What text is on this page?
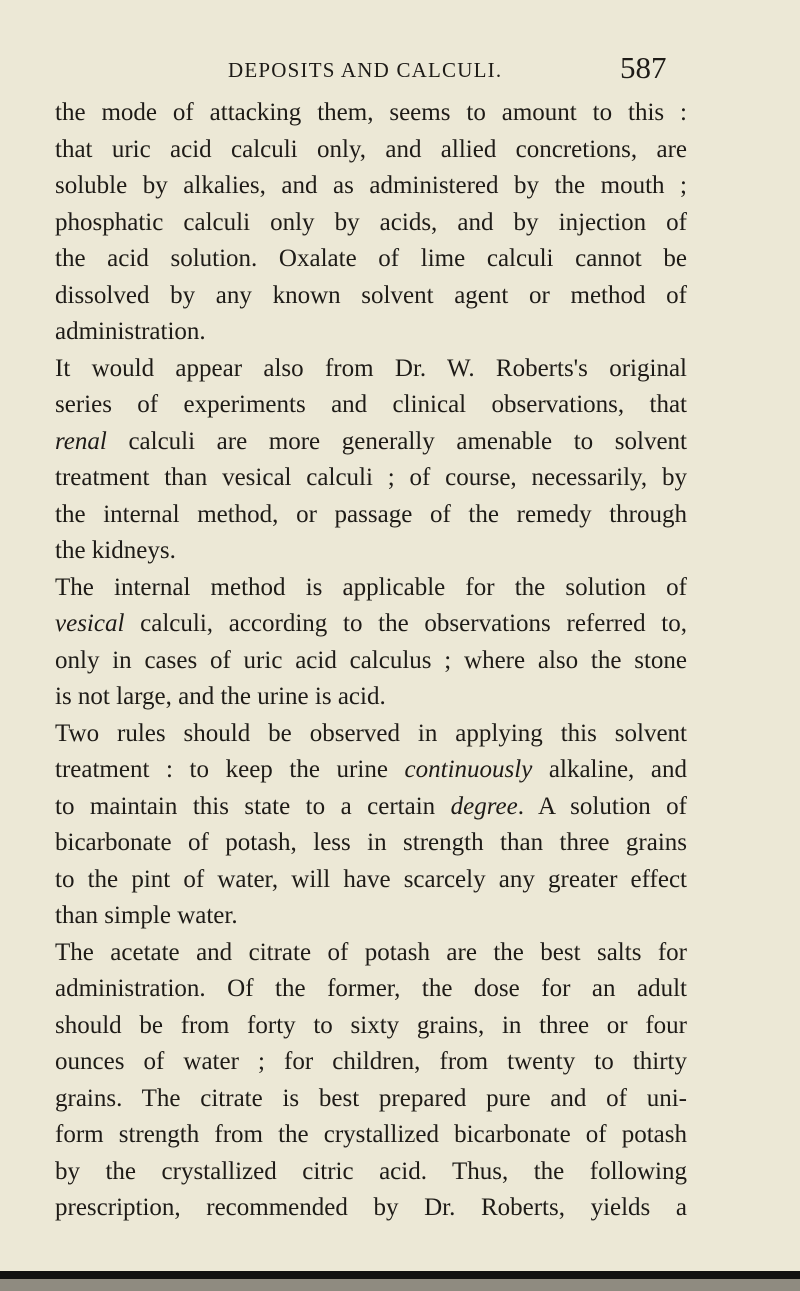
DEPOSITS AND CALCULI.	587
the mode of attacking them, seems to amount to this :
that uric acid calculi only, and allied concretions, are
soluble by alkalies, and as administered by the mouth ;
phosphatic calculi only by acids, and by injection of
the acid solution. Oxalate of lime calculi cannot be
dissolved by any known solvent agent or method of
administration.
It would appear also from Dr. W. Roberts's original
series of experiments and clinical observations, that
renal calculi are more generally amenable to solvent
treatment than vesical calculi ; of course, necessarily, by
the internal method, or passage of the remedy through
the kidneys.
The internal method is applicable for the solution of
vesical calculi, according to the observations referred to,
only in cases of uric acid calculus ; where also the stone
is not large, and the urine is acid.
Two rules should be observed in applying this solvent
treatment : to keep the urine continuously alkaline, and
to maintain this state to a certain degree. A solution of
bicarbonate of potash, less in strength than three grains
to the pint of water, will have scarcely any greater effect
than simple water.
The acetate and citrate of potash are the best salts for
administration. Of the former, the dose for an adult
should be from forty to sixty grains, in three or four
ounces of water ; for children, from twenty to thirty
grains. The citrate is best prepared pure and of uni-
form strength from the crystallized bicarbonate of potash
by the crystallized citric acid. Thus, the following
prescription, recommended by Dr. Roberts, yields a
